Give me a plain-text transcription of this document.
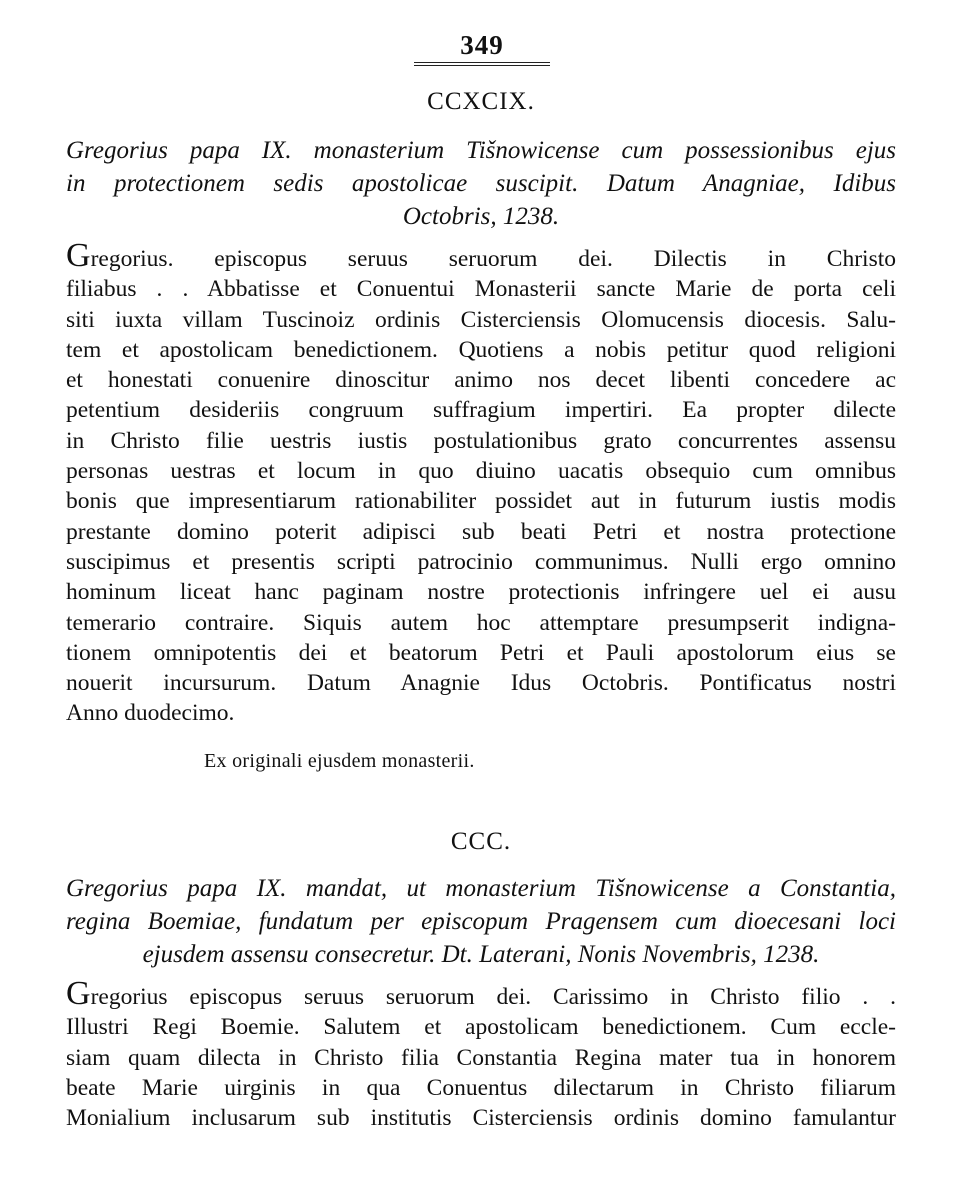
349
CCXCIX.
Gregorius papa IX. monasterium Tišnowicense cum possessionibus ejus
in protectionem sedis apostolicae suscipit. Datum Anagniae, Idibus
Octobris, 1238.
Gregorius. episcopus seruus seruorum dei. Dilectis in Christo
filiabus . . Abbatisse et Conuentui Monasterii sancte Marie de porta celi
siti iuxta villam Tuscinoiz ordinis Cisterciensis Olomucensis diocesis. Salu-
tem et apostolicam benedictionem. Quotiens a nobis petitur quod religioni
et honestati conuenire dinoscitur animo nos decet libenti concedere ac
petentium desideriis congruum suffragium impertiri. Ea propter dilecte
in Christo filie uestris iustis postulationibus grato concurrentes assensu
personas uestras et locum in quo diuino uacatis obsequio cum omnibus
bonis que impresentiarum rationabiliter possidet aut in futurum iustis modis
prestante domino poterit adipisci sub beati Petri et nostra protectione
suscipimus et presentis scripti patrocinio communimus. Nulli ergo omnino
hominum liceat hanc paginam nostre protectionis infringere uel ei ausu
temerario contraire. Siquis autem hoc attemptare presumpserit indigna-
tionem omnipotentis dei et beatorum Petri et Pauli apostolorum eius se
nouerit incursurum. Datum Anagnie Idus Octobris. Pontificatus nostri
Anno duodecimo.
Ex originali ejusdem monasterii.
CCC.
Gregorius papa IX. mandat, ut monasterium Tišnowicense a Constantia,
regina Boemiae, fundatum per episcopum Pragensem cum dioecesani loci
ejusdem assensu consecretur. Dt. Laterani, Nonis Novembris, 1238.
Gregorius episcopus seruus seruorum dei. Carissimo in Christo filio . .
Illustri Regi Boemie. Salutem et apostolicam benedictionem. Cum eccle-
siam quam dilecta in Christo filia Constantia Regina mater tua in honorem
beate Marie uirginis in qua Conuentus dilectarum in Christo filiarum
Monialium inclusarum sub institutis Cisterciensis ordinis domino famulantur
